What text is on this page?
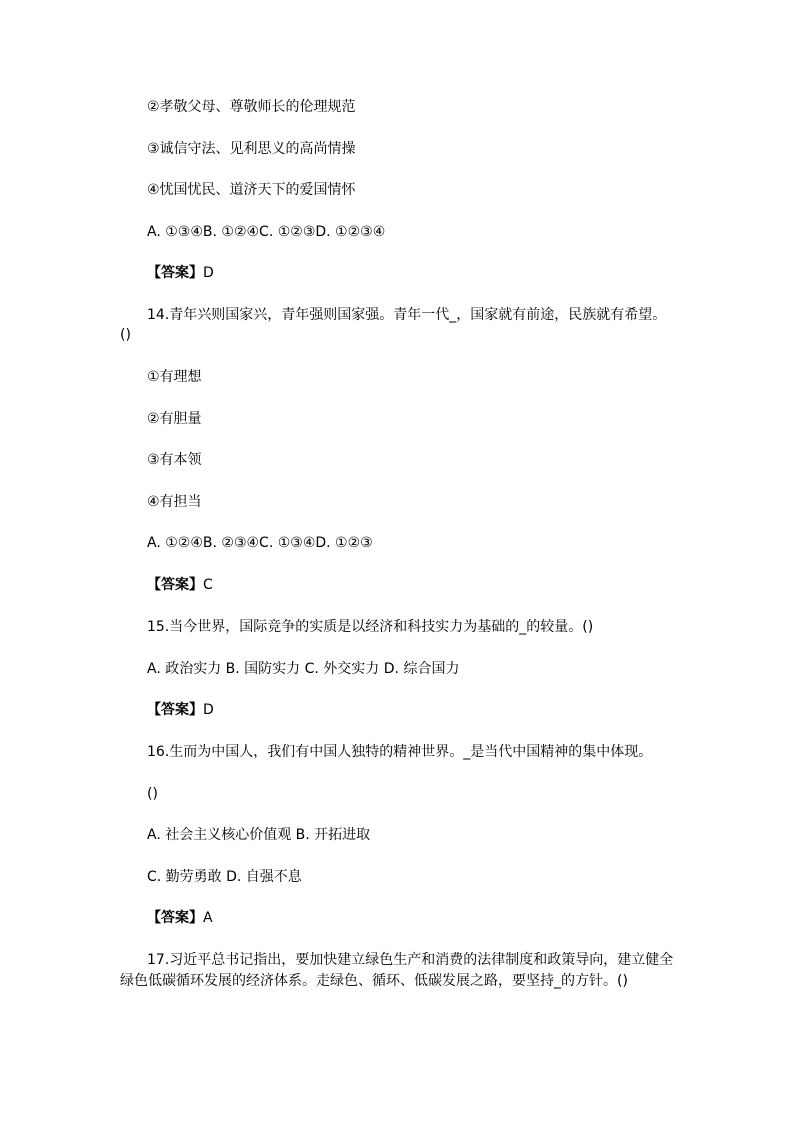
②孝敬父母、尊敬师长的伦理规范
③诚信守法、见利思义的高尚情操
④忧国忧民、道济天下的爱国情怀
A. ①③④B. ①②④C. ①②③D. ①②③④
【答案】D
14.青年兴则国家兴，青年强则国家强。青年一代_，国家就有前途，民族就有希望。
()
①有理想
②有胆量
③有本领
④有担当
A. ①②④B. ②③④C. ①③④D. ①②③
【答案】C
15.当今世界，国际竞争的实质是以经济和科技实力为基础的_的较量。()
A. 政治实力 B. 国防实力 C. 外交实力 D. 综合国力
【答案】D
16.生而为中国人，我们有中国人独特的精神世界。_是当代中国精神的集中体现。
()
A. 社会主义核心价值观 B. 开拓进取
C. 勤劳勇敢 D. 自强不息
【答案】A
17.习近平总书记指出，要加快建立绿色生产和消费的法律制度和政策导向，建立健全绿色低碳循环发展的经济体系。走绿色、循环、低碳发展之路，要坚持_的方针。()
